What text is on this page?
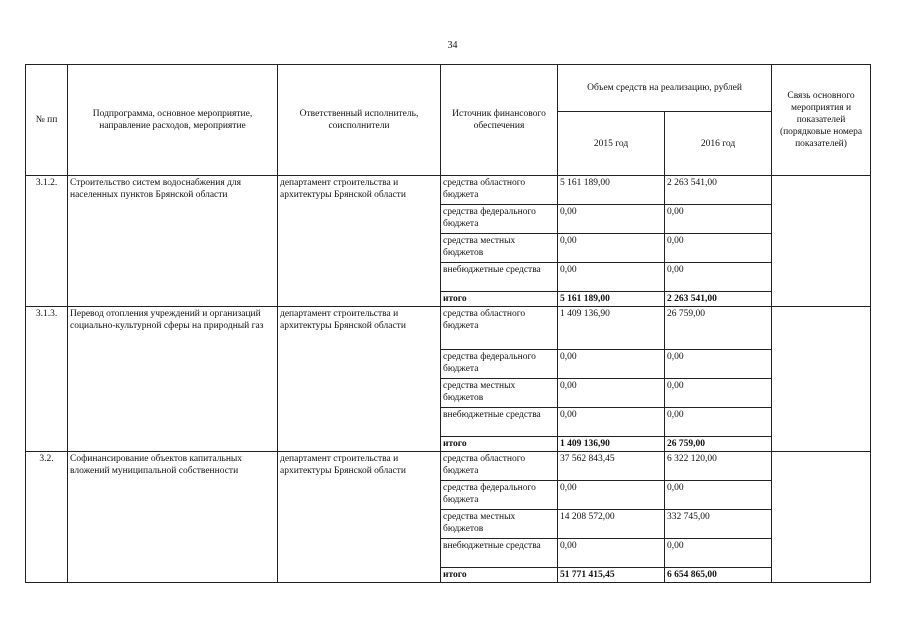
34
№ пп	Подпрограмма, основное мероприятие, направление расходов, мероприятие	Ответственный исполнитель, соисполнители	Источник финансового обеспечения	Объем средств на реализацию, рублей		Связь основного мероприятия и показателей (порядковые номера показателей)
				2015 год	2016 год	
3.1.2.	Строительство систем водоснабжения для населенных пунктов Брянской области	департамент строительства и архитектуры Брянской области	средства областного бюджета	5 161 189,00	2 263 541,00	
			средства федерального бюджета	0,00	0,00	
			средства местных бюджетов	0,00	0,00	
			внебюджетные средства	0,00	0,00	
			итого	5 161 189,00	2 263 541,00	
3.1.3.	Перевод отопления учреждений и организаций социально-культурной сферы на природный газ	департамент строительства и архитектуры Брянской области	средства областного бюджета	1 409 136,90	26 759,00	
			средства федерального бюджета	0,00	0,00	
			средства местных бюджетов	0,00	0,00	
			внебюджетные средства	0,00	0,00	
			итого	1 409 136,90	26 759,00	
3.2.	Софинансирование объектов капитальных вложений муниципальной собственности	департамент строительства и архитектуры Брянской области	средства областного бюджета	37 562 843,45	6 322 120,00	
			средства федерального бюджета	0,00	0,00	
			средства местных бюджетов	14 208 572,00	332 745,00	
			внебюджетные средства	0,00	0,00	
			итого	51 771 415,45	6 654 865,00	
